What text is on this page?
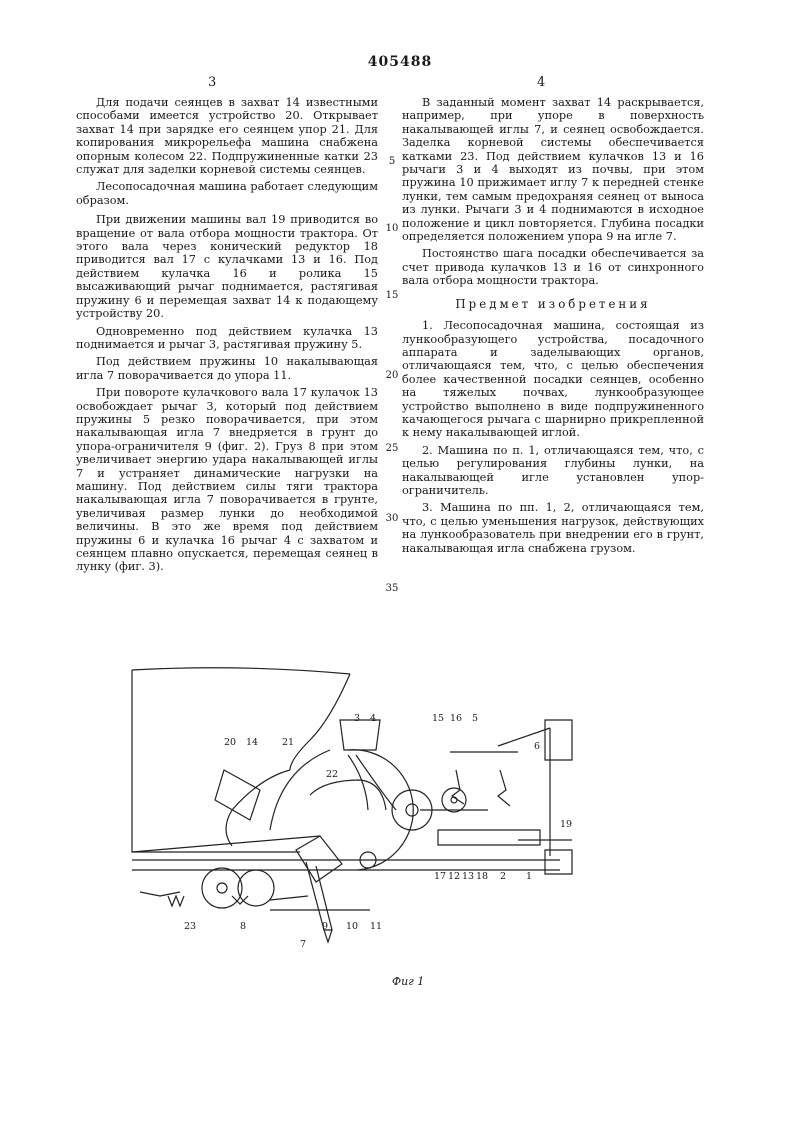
405488
3	4

Для подачи сеянцев в захват 14 известными способами имеется устройство 20. Открывает захват 14 при зарядке его сеянцем упор 21. Для копирования микрорельефа машина снабжена опорным колесом 22. Подпружиненные катки 23 служат для заделки корневой системы сеянцев.

Лесопосадочная машина работает следующим образом.

При движении машины вал 19 приводится во вращение от вала отбора мощности трактора. От этого вала через конический редуктор 18 приводится вал 17 с кулачками 13 и 16. Под действием кулачка 16 и ролика 15 высаживающий рычаг поднимается, растягивая пружину 6 и перемещая захват 14 к подающему устройству 20.

Одновременно под действием кулачка 13 поднимается и рычаг 3, растягивая пружину 5.

Под действием пружины 10 накалывающая игла 7 поворачивается до упора 11.

При повороте кулачкового вала 17 кулачок 13 освобождает рычаг 3, который под действием пружины 5 резко поворачивается, при этом накалывающая игла 7 внедряется в грунт до упора-ограничителя 9 (фиг. 2). Груз 8 при этом увеличивает энергию удара накалывающей иглы 7 и устраняет динамические нагрузки на машину. Под действием силы тяги трактора накалывающая игла 7 поворачивается в грунте, увеличивая размер лунки до необходимой величины. В это же время под действием пружины 6 и кулачка 16 рычаг 4 с захватом и сеянцем плавно опускается, перемещая сеянец в лунку (фиг. 3).

В заданный момент захват 14 раскрывается, например, при упоре в поверхность накалывающей иглы 7, и сеянец освобождается. Заделка корневой системы обеспечивается катками 23. Под действием кулачков 13 и 16 рычаги 3 и 4 выходят из почвы, при этом пружина 10 прижимает иглу 7 к передней стенке лунки, тем самым предохраняя сеянец от выноса из лунки. Рычаги 3 и 4 поднимаются в исходное положение и цикл повторяется. Глубина посадки определяется положением упора 9 на игле 7.

Постоянство шага посадки обеспечивается за счет привода кулачков 13 и 16 от синхронного вала отбора мощности трактора.

Предмет изобретения

1. Лесопосадочная машина, состоящая из лункообразующего устройства, посадочного аппарата и заделывающих органов, отличающаяся тем, что, с целью обеспечения более качественной посадки сеянцев, особенно на тяжелых почвах, лункообразующее устройство выполнено в виде подпружиненного качающегося рычага с шарнирно прикрепленной к нему накалывающей иглой.

2. Машина по п. 1, отличающаяся тем, что, с целью регулирования глубины лунки, на накалывающей игле установлен упор-ограничитель.

3. Машина по пп. 1, 2, отличающаяся тем, что, с целью уменьшения нагрузок, действующих на лункообразователь при внедрении его в грунт, накалывающая игла снабжена грузом.

5
10
15
20
25
30
35
20 14	21
22
3 4	15 16 5
6
19
17 12 13 18 2 1
23	8
7
9 10 11
Фиг 1
